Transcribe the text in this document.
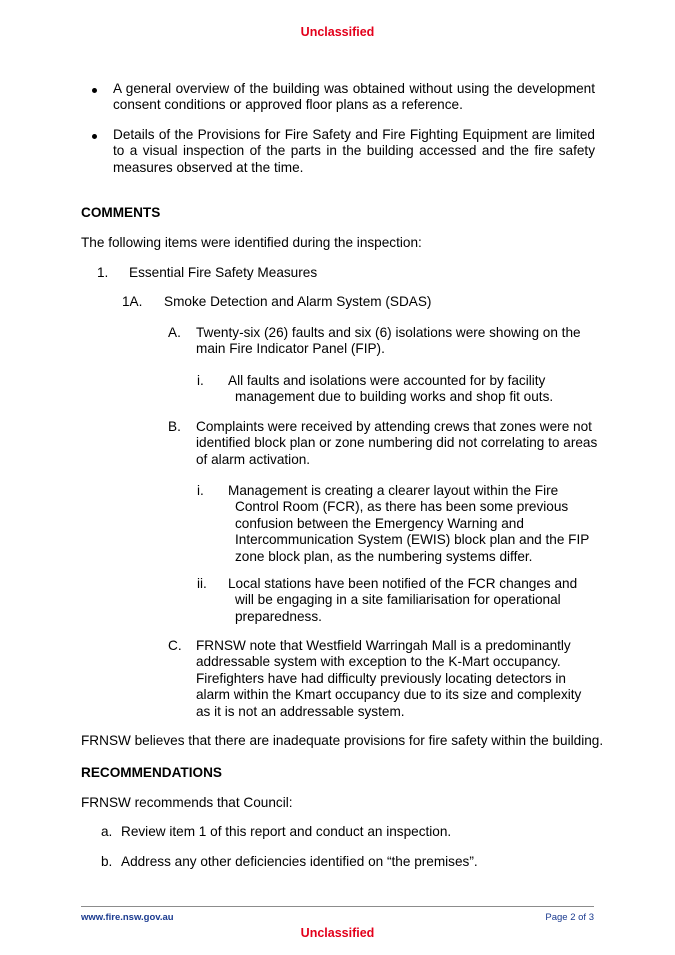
Unclassified
A general overview of the building was obtained without using the development consent conditions or approved floor plans as a reference.
Details of the Provisions for Fire Safety and Fire Fighting Equipment are limited to a visual inspection of the parts in the building accessed and the fire safety measures observed at the time.
COMMENTS
The following items were identified during the inspection:
1. Essential Fire Safety Measures
1A. Smoke Detection and Alarm System (SDAS)
A. Twenty-six (26) faults and six (6) isolations were showing on the main Fire Indicator Panel (FIP).
i. All faults and isolations were accounted for by facility management due to building works and shop fit outs.
B. Complaints were received by attending crews that zones were not identified block plan or zone numbering did not correlating to areas of alarm activation.
i. Management is creating a clearer layout within the Fire Control Room (FCR), as there has been some previous confusion between the Emergency Warning and Intercommunication System (EWIS) block plan and the FIP zone block plan, as the numbering systems differ.
ii. Local stations have been notified of the FCR changes and will be engaging in a site familiarisation for operational preparedness.
C. FRNSW note that Westfield Warringah Mall is a predominantly addressable system with exception to the K-Mart occupancy. Firefighters have had difficulty previously locating detectors in alarm within the Kmart occupancy due to its size and complexity as it is not an addressable system.
FRNSW believes that there are inadequate provisions for fire safety within the building.
RECOMMENDATIONS
FRNSW recommends that Council:
a. Review item 1 of this report and conduct an inspection.
b. Address any other deficiencies identified on “the premises”.
www.fire.nsw.gov.au	Page 2 of 3
Unclassified
